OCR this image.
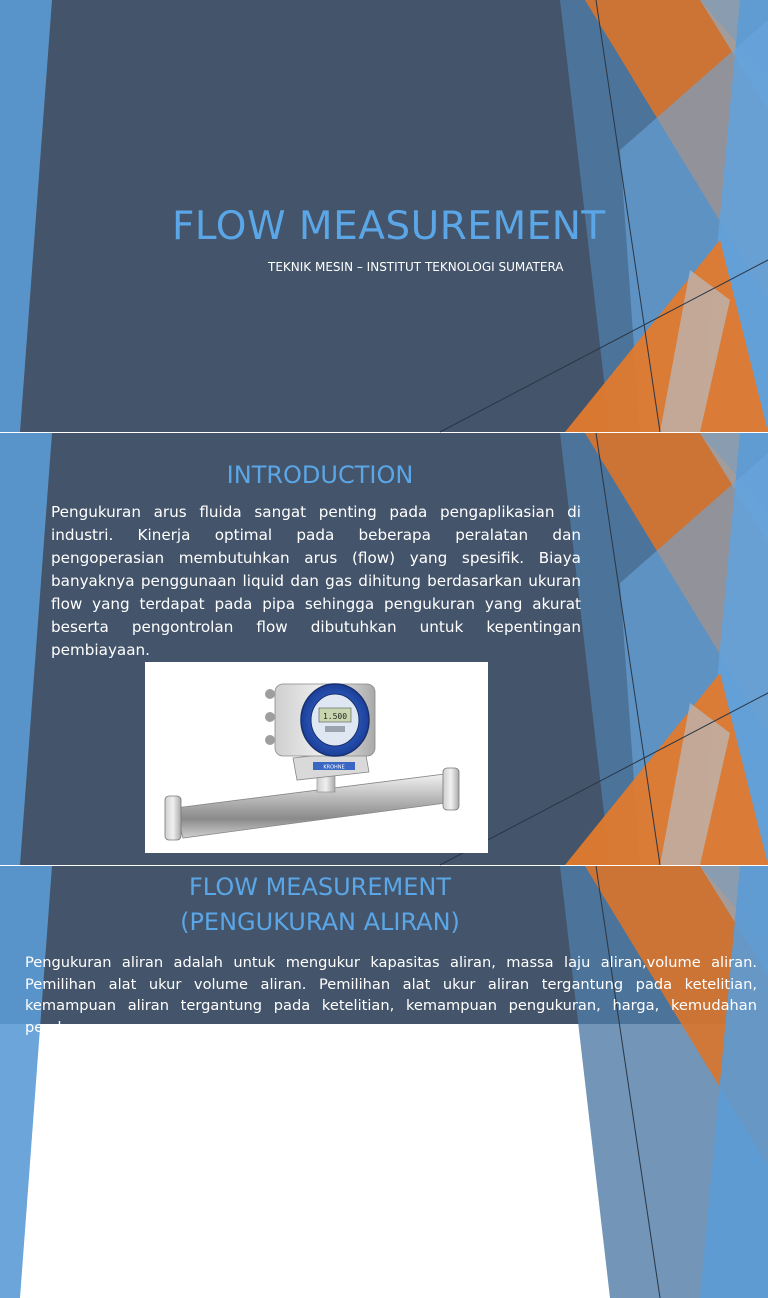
FLOW MEASUREMENT
TEKNIK MESIN – INSTITUT TEKNOLOGI SUMATERA
INTRODUCTION
Pengukuran arus fluida sangat penting pada pengaplikasian di industri. Kinerja optimal pada beberapa peralatan dan pengoperasian membutuhkan arus (flow) yang spesifik. Biaya banyaknya penggunaan liquid dan gas dihitung berdasarkan ukuran flow yang terdapat pada pipa sehingga pengukuran yang akurat beserta pengontrolan flow dibutuhkan untuk kepentingan pembiayaan.
KROHNE
1.500
FLOW MEASUREMENT
(PENGUKURAN ALIRAN)
Pengukuran aliran adalah untuk mengukur kapasitas aliran, massa laju aliran,volume aliran. Pemilihan alat ukur volume aliran. Pemilihan alat ukur aliran tergantung pada ketelitian, kemampuan aliran tergantung pada ketelitian, kemampuan pengukuran, harga, kemudahan pembacaan.
